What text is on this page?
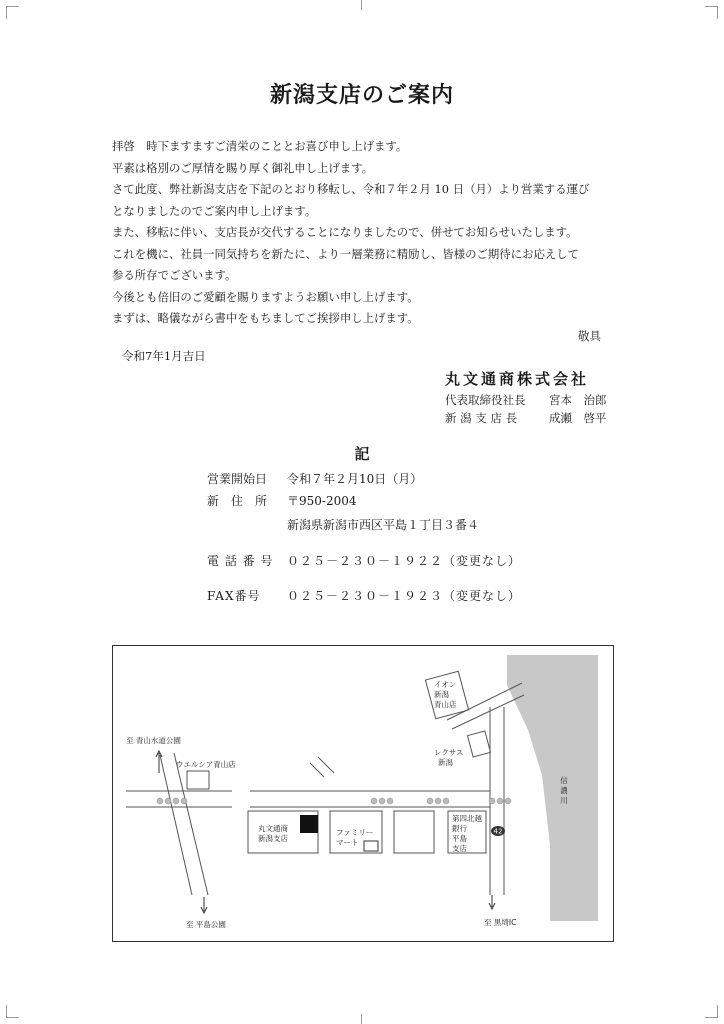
新潟支店のご案内
拝啓　時下ますますご清栄のこととお喜び申し上げます。
平素は格別のご厚情を賜り厚く御礼申し上げます。
さて此度、弊社新潟支店を下記のとおり移転し、令和７年２月 10 日（月）より営業する運び
となりましたのでご案内申し上げます。
また、移転に伴い、支店長が交代することになりましたので、併せてお知らせいたします。
これを機に、社員一同気持ちを新たに、より一層業務に精励し、皆様のご期待にお応えして
参る所存でございます。
今後とも倍旧のご愛顧を賜りますようお願い申し上げます。
まずは、略儀ながら書中をもちましてご挨拶申し上げます。
敬具
令和7年1月吉日
丸文通商株式会社
代表取締役社長	宮本　治郎
新 潟 支 店 長	成瀬　啓平
記
営業開始日	令和７年２月10日（月）
新　住　所	〒950-2004
新潟県新潟市西区平島１丁目３番４
電 話 番 号	０２５－２３０－１９２２（変更なし）
FAX番号	０２５－２３０－１９２３（変更なし）
42
イオン
新潟
青山店
至 青山水道公園
ウエルシア青山店
レクサス
新潟
信
濃
川
丸文通商
新潟支店
ファミリー
マート
第四北越
銀行
平島
支店
至 平島公園	至 黒埼IC
